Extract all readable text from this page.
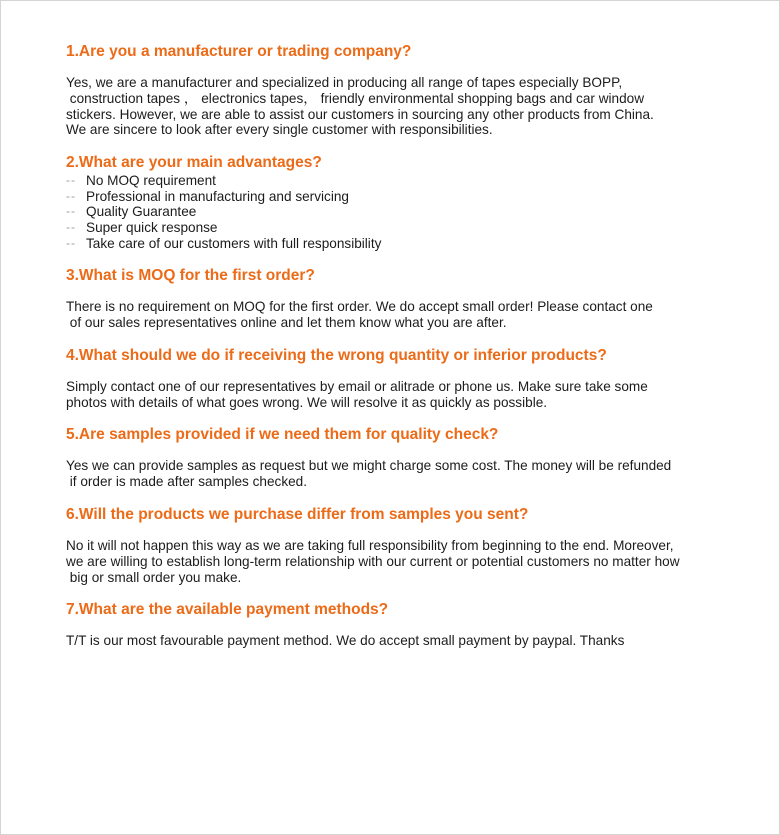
1.Are you a manufacturer or trading company?

Yes, we are a manufacturer and specialized in producing all range of tapes especially BOPP,

construction tapes ， electronics tapes， friendly environmental shopping bags and car window

stickers. However, we are able to assist our customers in sourcing any other products from China.

We are sincere to look after every single customer with responsibilities.

2.What are your main advantages?
-- No MOQ requirement
-- Professional in manufacturing and servicing
-- Quality Guarantee
-- Super quick response
-- Take care of our customers with full responsibility
3.What is MOQ for the first order?

There is no requirement on MOQ for the first order. We do accept small order! Please contact one

of our sales representatives online and let them know what you are after.

4.What should we do if receiving the wrong quantity or inferior products?

Simply contact one of our representatives by email or alitrade or phone us. Make sure take some

photos with details of what goes wrong. We will resolve it as quickly as possible.

5.Are samples provided if we need them for quality check?

Yes we can provide samples as request but we might charge some cost. The money will be refunded

if order is made after samples checked.

6.Will the products we purchase differ from samples you sent?

No it will not happen this way as we are taking full responsibility from beginning to the end. Moreover,

we are willing to establish long-term relationship with our current or potential customers no matter how

big or small order you make.

7.What are the available payment methods?

T/T is our most favourable payment method. We do accept small payment by paypal. Thanks
